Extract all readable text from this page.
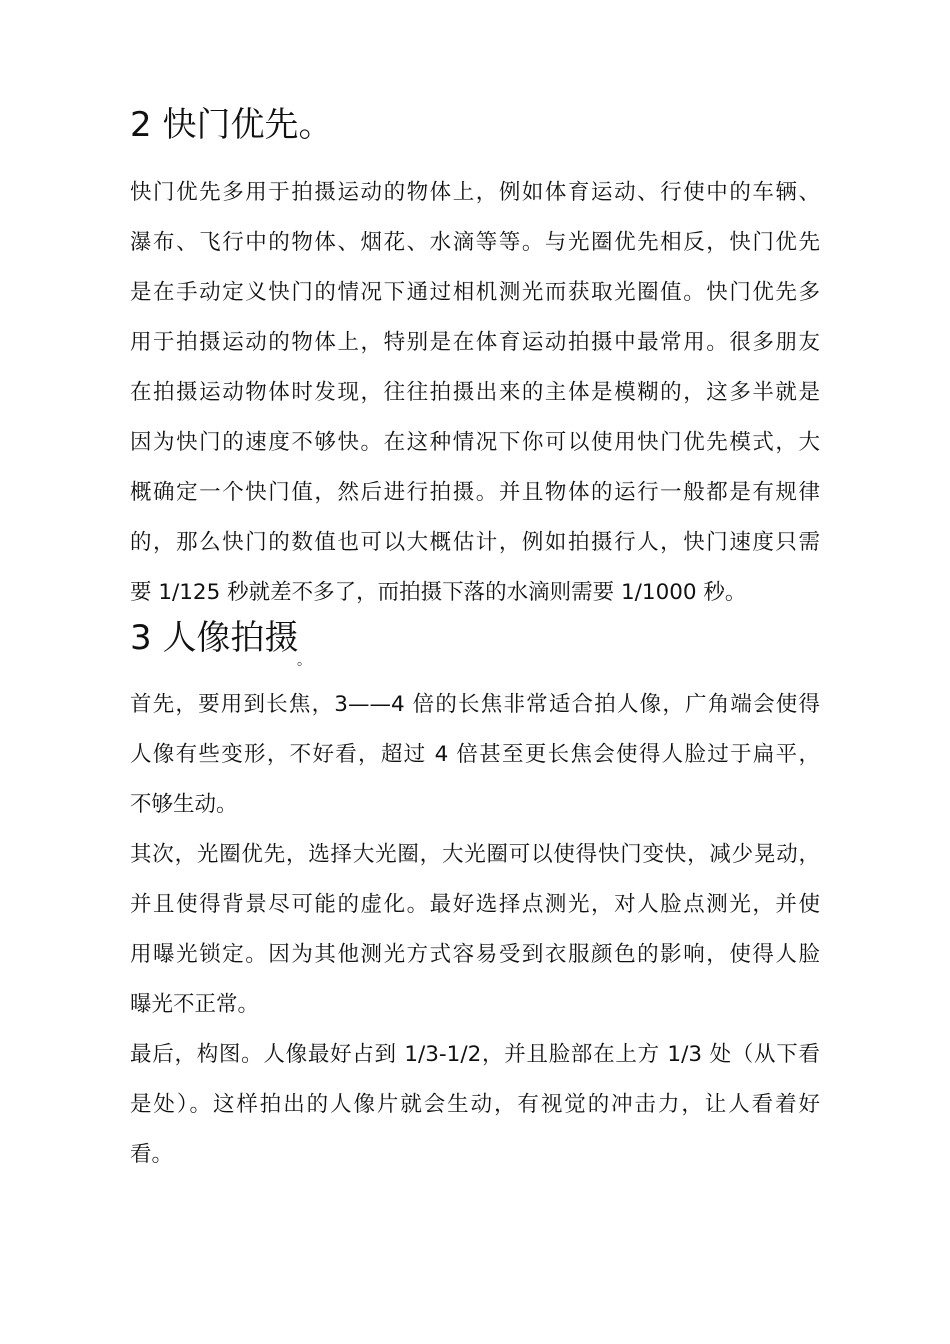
2 快门优先。
快门优先多用于拍摄运动的物体上，例如体育运动、行使中的车辆、
瀑布、飞行中的物体、烟花、水滴等等。与光圈优先相反，快门优先
是在手动定义快门的情况下通过相机测光而获取光圈值。快门优先多
用于拍摄运动的物体上，特别是在体育运动拍摄中最常用。很多朋友
在拍摄运动物体时发现，往往拍摄出来的主体是模糊的，这多半就是
因为快门的速度不够快。在这种情况下你可以使用快门优先模式，大
概确定一个快门值，然后进行拍摄。并且物体的运行一般都是有规律
的，那么快门的数值也可以大概估计，例如拍摄行人，快门速度只需
要 1/125 秒就差不多了，而拍摄下落的水滴则需要 1/1000 秒。
3 人像拍摄
。
首先，要用到长焦，3——4 倍的长焦非常适合拍人像，广角端会使得
人像有些变形，不好看，超过 4 倍甚至更长焦会使得人脸过于扁平，
不够生动。
其次，光圈优先，选择大光圈，大光圈可以使得快门变快，减少晃动，
并且使得背景尽可能的虚化。最好选择点测光，对人脸点测光，并使
用曝光锁定。因为其他测光方式容易受到衣服颜色的影响，使得人脸
曝光不正常。
最后，构图。人像最好占到 1/3-1/2，并且脸部在上方 1/3 处（从下看
是处）。这样拍出的人像片就会生动，有视觉的冲击力，让人看着好
看。
